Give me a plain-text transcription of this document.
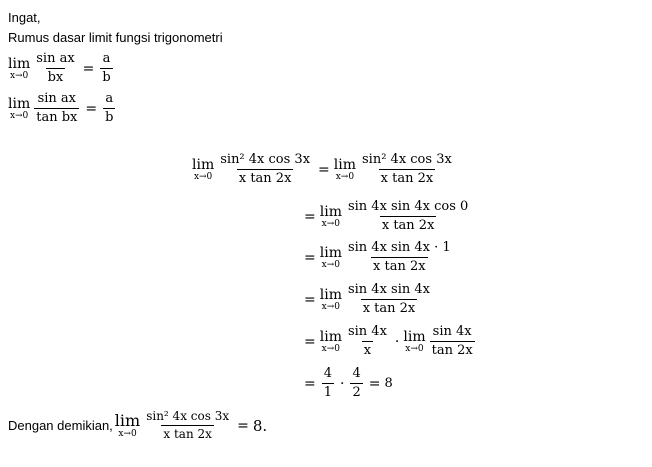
Ingat,
Rumus dasar limit fungsi trigonometri
lim
$x\to 0 \frac{\text{sin ax}}{bx} = \frac{a}{b}$
lim
$x\to 0 \frac{\text{sin ax}}{\text{tan bx}} = \frac{a}{b}$
lim
$x\to 0 \frac{\text{sin² 4x cos 3x}}{\text{x tan 2x}} = \lim$
$x\to 0 \frac{\text{sin² 4x cos 3x}}{\text{x tan 2x}}$
= lim
$x\to 0 \frac{\text{sin 4x sin 4x cos 0}}{\text{x tan 2x}}$
= lim
$x\to 0 \frac{\text{sin 4x sin 4x · 1}}{\text{x tan 2x}}$
= lim
$x\to 0 \frac{\text{sin 4x sin 4x}}{\text{x tan 2x}}$
= lim
$x\to 0 \frac{\sin 4x}{x} \cdot \lim$
$x\to 0 \frac{\sin 4x}{\tan 2x}$
= $\frac{4}{1} \cdot \frac{4}{2} = 8$
Dengan demikian, lim
$x\to 0 \frac{\text{sin² 4x cos 3x}}{\text{x tan 2x}} = 8$.
